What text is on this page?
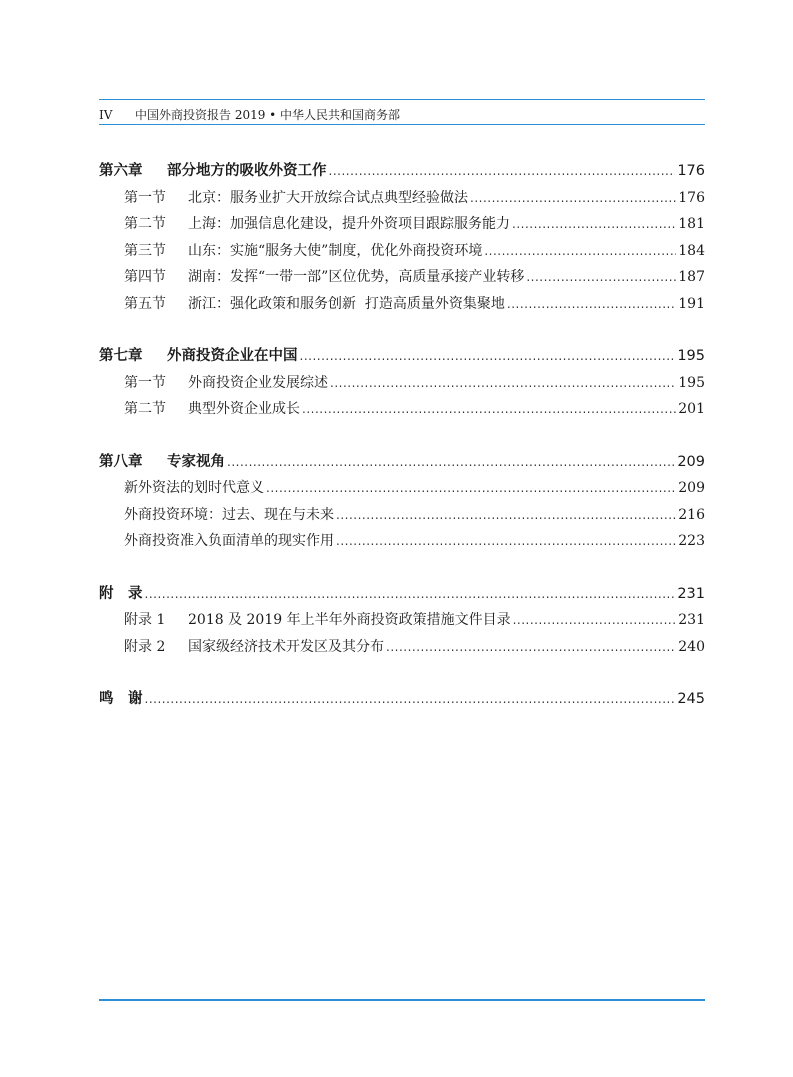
IV 中国外商投资报告 2019 • 中华人民共和国商务部
第六章 部分地方的吸收外资工作 .....	176
第一节 北京：服务业扩大开放综合试点典型经验做法 .....	176
第二节 上海：加强信息化建设，提升外资项目跟踪服务能力 .....	181
第三节 山东：实施“服务大使”制度，优化外商投资环境 .....	184
第四节 湖南：发挥“一带一部”区位优势，高质量承接产业转移 .....	187
第五节 浙江：强化政策和服务创新  打造高质量外资集聚地 .....	191
第七章 外商投资企业在中国 .....	195
第一节 外商投资企业发展综述 .....	195
第二节 典型外资企业成长 .....	201
第八章 专家视角 .....	209
新外资法的划时代意义 .....	209
外商投资环境：过去、现在与未来 .....	216
外商投资准入负面清单的现实作用 .....	223
附　录 .....	231
附录 1 2018 及 2019 年上半年外商投资政策措施文件目录 .....	231
附录 2 国家级经济技术开发区及其分布 .....	240
鸣　谢 .....	245
